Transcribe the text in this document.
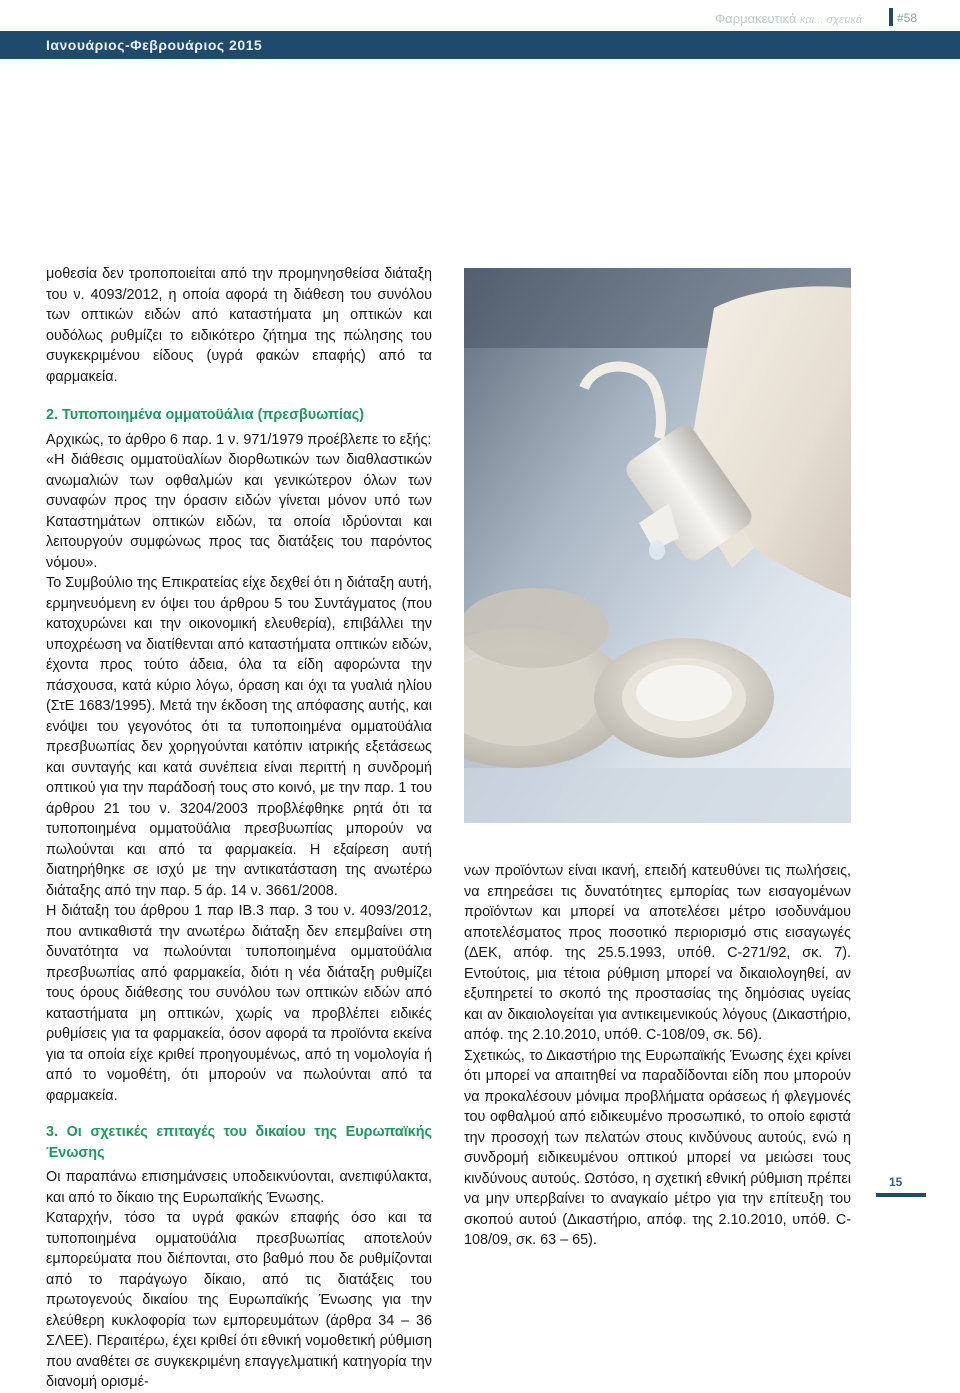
Φαρμακευτικά και... σχετικά	#58
Ιανουάριος-Φεβρουάριος 2015

μοθεσία δεν τροποποιείται από την προμηνησθείσα διάταξη του ν. 4093/2012, η οποία αφορά τη διάθεση του συνόλου των οπτικών ειδών από καταστήματα μη οπτικών και ουδόλως ρυθμίζει το ειδικότερο ζήτημα της πώλησης του συγκεκριμένου είδους (υγρά φακών επαφής) από τα φαρμακεία.

2. Τυποποιημένα ομματοϋάλια (πρεσβυωπίας)

Αρχικώς, το άρθρο 6 παρ. 1 ν. 971/1979 προέβλεπε το εξής:

«Η διάθεσις ομματοϋαλίων διορθωτικών των διαθλαστικών ανωμαλιών των οφθαλμών και γενικώτερον όλων των συναφών προς την όρασιν ειδών γίνεται μόνον υπό των Καταστημάτων οπτικών ειδών, τα οποία ιδρύονται και λειτουργούν συμφώνως προς τας διατάξεις του παρόντος νόμου».

Το Συμβούλιο της Επικρατείας είχε δεχθεί ότι η διάταξη αυτή, ερμηνευόμενη εν όψει του άρθρου 5 του Συντάγματος (που κατοχυρώνει και την οικονομική ελευθερία), επιβάλλει την υποχρέωση να διατίθενται από καταστήματα οπτικών ειδών, έχοντα προς τούτο άδεια, όλα τα είδη αφορώντα την πάσχουσα, κατά κύριο λόγω, όραση και όχι τα γυαλιά ηλίου (ΣτΕ 1683/1995). Μετά την έκδοση της απόφασης αυτής, και ενόψει του γεγονότος ότι τα τυποποιημένα ομματοϋάλια πρεσβυωπίας δεν χορηγούνται κατόπιν ιατρικής εξετάσεως και συνταγής και κατά συνέπεια είναι περιττή η συνδρομή οπτικού για την παράδοσή τους στο κοινό, με την παρ. 1 του άρθρου 21 του ν. 3204/2003 προβλέφθηκε ρητά ότι τα τυποποιημένα ομματοϋάλια πρεσβυωπίας μπορούν να πωλούνται και από τα φαρμακεία. Η εξαίρεση αυτή διατηρήθηκε σε ισχύ με την αντικατάσταση της ανωτέρω διάταξης από την παρ. 5 άρ. 14 ν. 3661/2008.

Η διάταξη του άρθρου 1 παρ ΙΒ.3 παρ. 3 του ν. 4093/2012, που αντικαθιστά την ανωτέρω διάταξη δεν επεμβαίνει στη δυνατότητα να πωλούνται τυποποιημένα ομματοϋάλια πρεσβυωπίας από φαρμακεία, διότι η νέα διάταξη ρυθμίζει τους όρους διάθεσης του συνόλου των οπτικών ειδών από καταστήματα μη οπτικών, χωρίς να προβλέπει ειδικές ρυθμίσεις για τα φαρμακεία, όσον αφορά τα προϊόντα εκείνα για τα οποία είχε κριθεί προηγουμένως, από τη νομολογία ή από το νομοθέτη, ότι μπορούν να πωλούνται από τα φαρμακεία.

3. Οι σχετικές επιταγές του δικαίου της Ευρωπαϊκής Ένωσης

Οι παραπάνω επισημάνσεις υποδεικνύονται, ανεπιφύλακτα, και από το δίκαιο της Ευρωπαϊκής Ένωσης.

Καταρχήν, τόσο τα υγρά φακών επαφής όσο και τα τυποποιημένα ομματοϋάλια πρεσβυωπίας αποτελούν εμπορεύματα που διέπονται, στο βαθμό που δε ρυθμίζονται από το παράγωγο δίκαιο, από τις διατάξεις του πρωτογενούς δικαίου της Ευρωπαϊκής Ένωσης για την ελεύθερη κυκλοφορία των εμπορευμάτων (άρθρα 34 – 36 ΣΛΕΕ). Περαιτέρω, έχει κριθεί ότι εθνική νομοθετική ρύθμιση που αναθέτει σε συγκεκριμένη επαγγελματική κατηγορία την διανομή ορισμέ-

νων προϊόντων είναι ικανή, επειδή κατευθύνει τις πωλήσεις, να επηρεάσει τις δυνατότητες εμπορίας των εισαγομένων προϊόντων και μπορεί να αποτελέσει μέτρο ισοδυνάμου αποτελέσματος προς ποσοτικό περιορισμό στις εισαγωγές (ΔΕΚ, απόφ. της 25.5.1993, υπόθ. C-271/92, σκ. 7). Εντούτοις, μια τέτοια ρύθμιση μπορεί να δικαιολογηθεί, αν εξυπηρετεί το σκοπό της προστασίας της δημόσιας υγείας και αν δικαιολογείται για αντικειμενικούς λόγους (Δικαστήριο, απόφ. της 2.10.2010, υπόθ. C-108/09, σκ. 56).

Σχετικώς, το Δικαστήριο της Ευρωπαϊκής Ένωσης έχει κρίνει ότι μπορεί να απαιτηθεί να παραδίδονται είδη που μπορούν να προκαλέσουν μόνιμα προβλήματα οράσεως ή φλεγμονές του οφθαλμού από ειδικευμένο προσωπικό, το οποίο εφιστά την προσοχή των πελατών στους κινδύνους αυτούς, ενώ η συνδρομή ειδικευμένου οπτικού μπορεί να μειώσει τους κινδύνους αυτούς. Ωστόσο, η σχετική εθνική ρύθμιση πρέπει να μην υπερβαίνει το αναγκαίο μέτρο για την επίτευξη του σκοπού αυτού (Δικαστήριο, απόφ. της 2.10.2010, υπόθ. C-108/09, σκ. 63 – 65).

15
